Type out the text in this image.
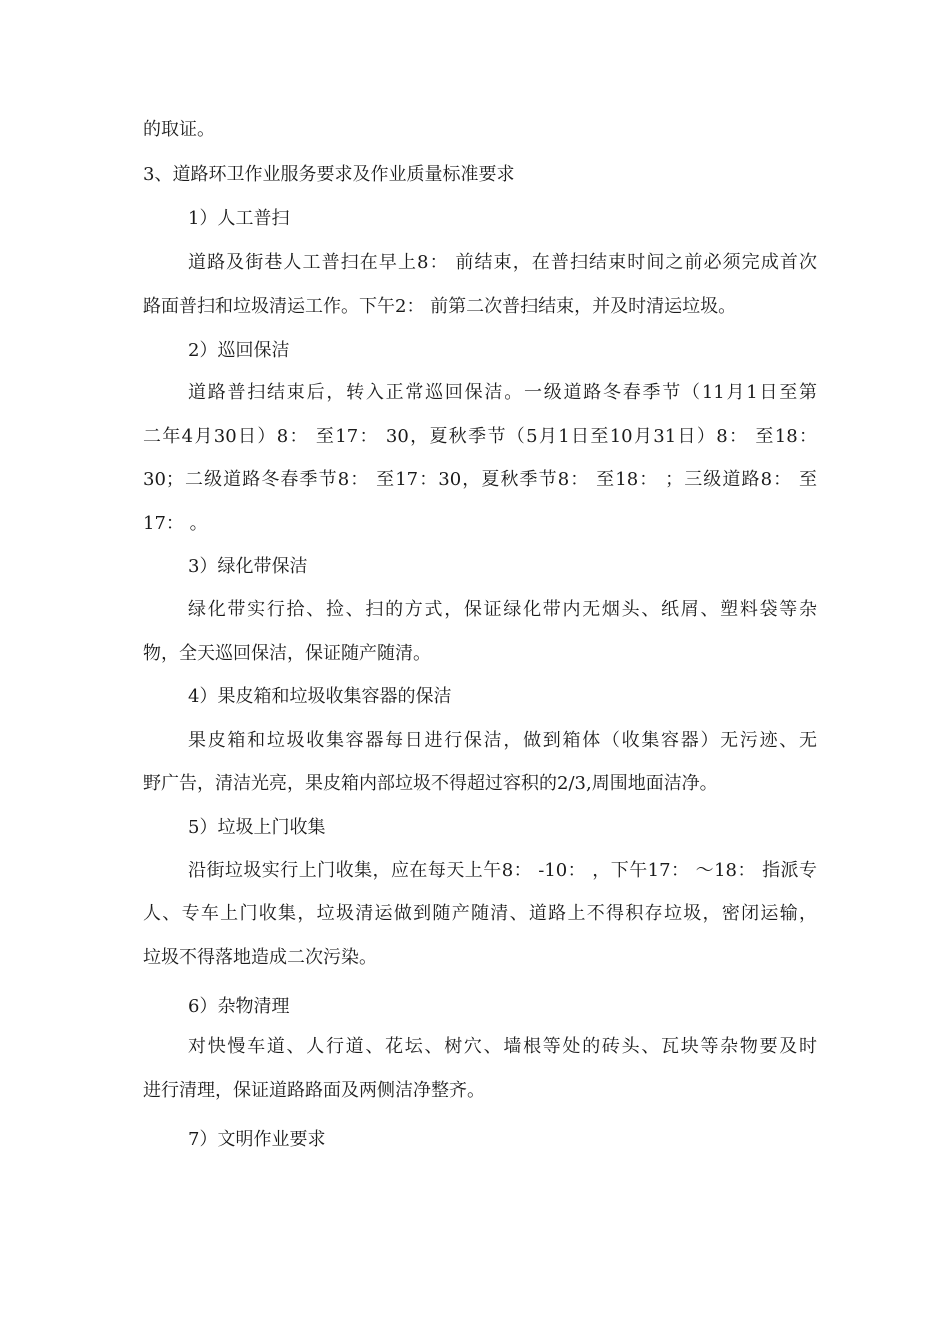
的取证。
3、道路环卫作业服务要求及作业质量标准要求
1）人工普扫
道路及街巷人工普扫在早上8： 前结束，在普扫结束时间之前必须完成首次
路面普扫和垃圾清运工作。下午2： 前第二次普扫结束，并及时清运垃圾。
2）巡回保洁
道路普扫结束后，转入正常巡回保洁。一级道路冬春季节（11月1日至第
二年4月30日）8： 至17： 30，夏秋季节（5月1日至10月31日）8： 至18：
30；二级道路冬春季节8： 至17：30，夏秋季节8： 至18： ；三级道路8： 至
17： 。
3）绿化带保洁
绿化带实行拾、捡、扫的方式，保证绿化带内无烟头、纸屑、塑料袋等杂
物，全天巡回保洁，保证随产随清。
4）果皮箱和垃圾收集容器的保洁
果皮箱和垃圾收集容器每日进行保洁，做到箱体（收集容器）无污迹、无
野广告，清洁光亮，果皮箱内部垃圾不得超过容积的2/3,周围地面洁净。
5）垃圾上门收集
沿街垃圾实行上门收集，应在每天上午8： -10： ，下午17： 〜18： 指派专
人、专车上门收集，垃圾清运做到随产随清、道路上不得积存垃圾，密闭运输，
垃圾不得落地造成二次污染。
6）杂物清理
对快慢车道、人行道、花坛、树穴、墙根等处的砖头、瓦块等杂物要及时
进行清理，保证道路路面及两侧洁净整齐。
7）文明作业要求
